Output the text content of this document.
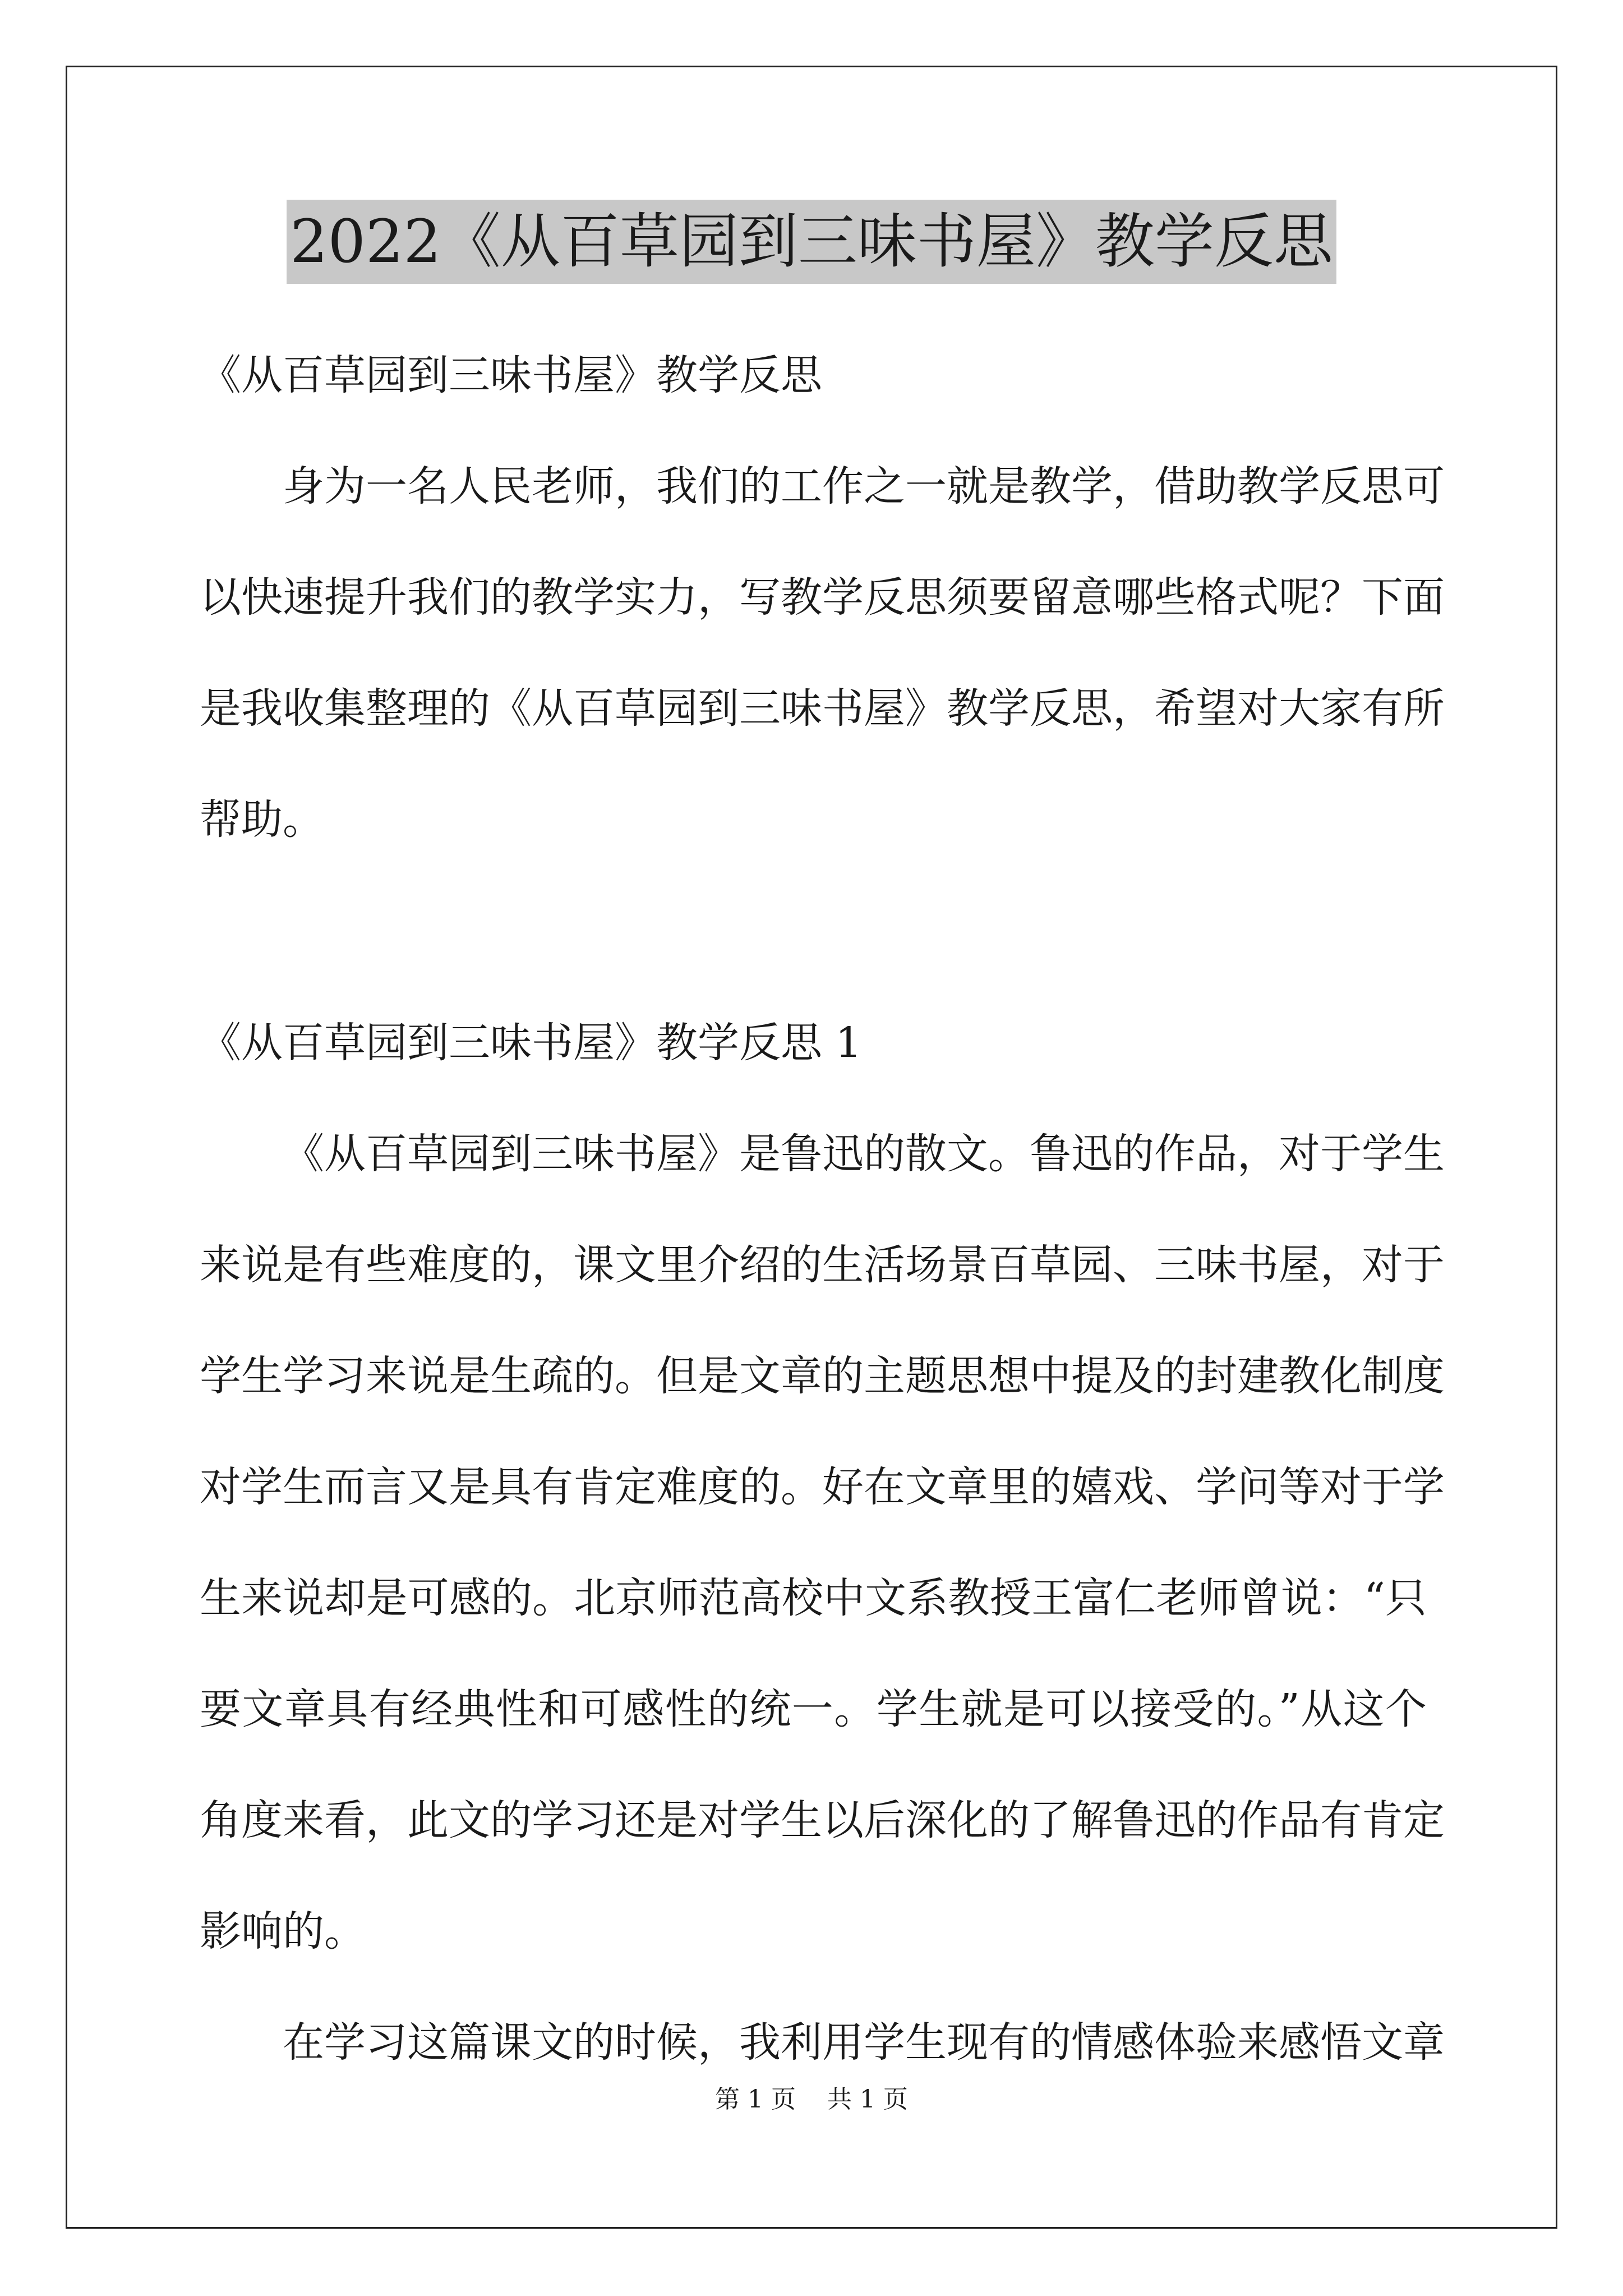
2022《从百草园到三味书屋》教学反思
《从百草园到三味书屋》教学反思
身为一名人民老师，我们的工作之一就是教学，借助教学反思可
以快速提升我们的教学实力，写教学反思须要留意哪些格式呢？下面
是我收集整理的《从百草园到三味书屋》教学反思，希望对大家有所
帮助。
《从百草园到三味书屋》教学反思 1
《从百草园到三味书屋》是鲁迅的散文。鲁迅的作品，对于学生
来说是有些难度的，课文里介绍的生活场景百草园、三味书屋，对于
学生学习来说是生疏的。但是文章的主题思想中提及的封建教化制度
对学生而言又是具有肯定难度的。好在文章里的嬉戏、学问等对于学
生来说却是可感的。北京师范高校中文系教授王富仁老师曾说：“只
要文章具有经典性和可感性的统一。学生就是可以接受的。”从这个
角度来看，此文的学习还是对学生以后深化的了解鲁迅的作品有肯定
影响的。
在学习这篇课文的时候，我利用学生现有的情感体验来感悟文章
第 1 页    共 1 页
